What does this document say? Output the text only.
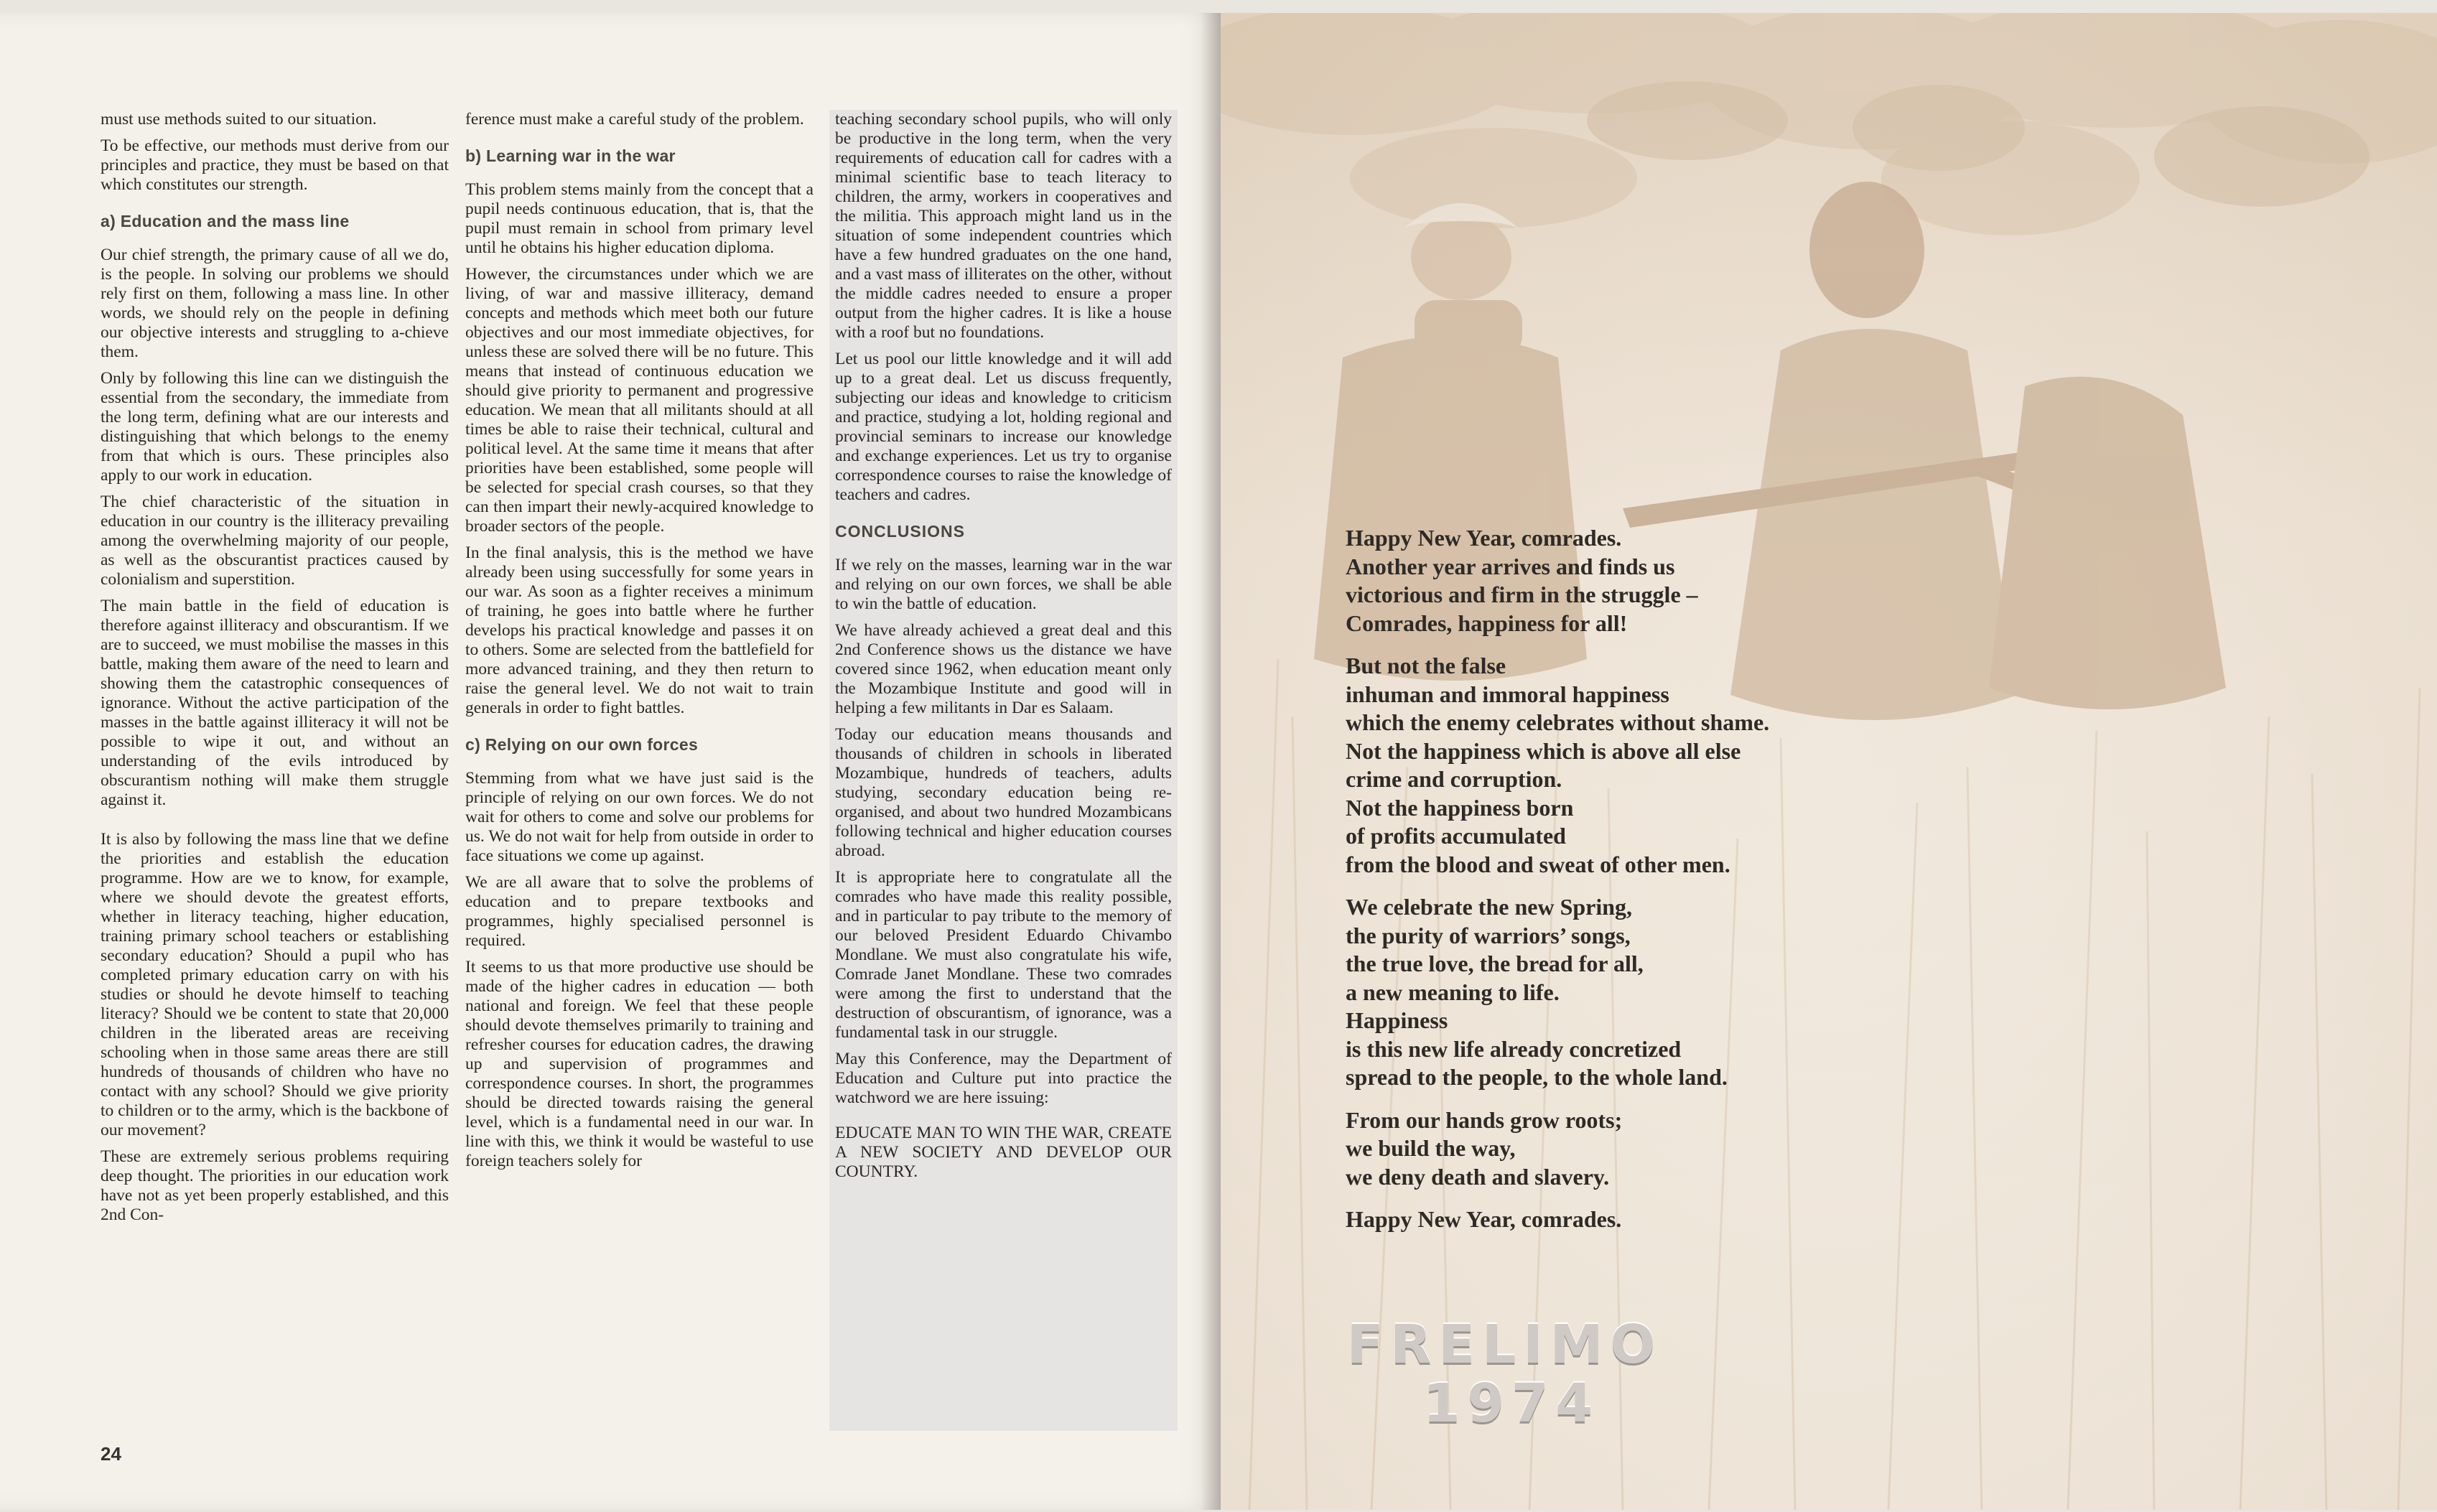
must use methods suited to our situation.

To be effective, our methods must derive from our principles and practice, they must be based on that which constitutes our strength.

a) Education and the mass line

Our chief strength, the primary cause of all we do, is the people. In solving our problems we should rely first on them, following a mass line. In other words, we should rely on the people in defining our objective interests and struggling to a-chieve them.

Only by following this line can we distinguish the essential from the secondary, the immediate from the long term, defining what are our interests and distinguishing that which belongs to the enemy from that which is ours. These principles also apply to our work in education.

The chief characteristic of the situation in education in our country is the illiteracy prevailing among the overwhelming majority of our people, as well as the obscurantist practices caused by colonialism and superstition.

The main battle in the field of education is therefore against illiteracy and obscurantism. If we are to succeed, we must mobilise the masses in this battle, making them aware of the need to learn and showing them the catastrophic consequences of ignorance. Without the active participation of the masses in the battle against illiteracy it will not be possible to wipe it out, and without an understanding of the evils introduced by obscurantism nothing will make them struggle against it.

It is also by following the mass line that we define the priorities and establish the education programme. How are we to know, for example, where we should devote the greatest efforts, whether in literacy teaching, higher education, training primary school teachers or establishing secondary education? Should a pupil who has completed primary education carry on with his studies or should he devote himself to teaching literacy? Should we be content to state that 20,000 children in the liberated areas are receiving schooling when in those same areas there are still hundreds of thousands of children who have no contact with any school? Should we give priority to children or to the army, which is the backbone of our movement?

These are extremely serious problems requiring deep thought. The priorities in our education work have not as yet been properly established, and this 2nd Con-

ference must make a careful study of the problem.

b) Learning war in the war

This problem stems mainly from the concept that a pupil needs continuous education, that is, that the pupil must remain in school from primary level until he obtains his higher education diploma.

However, the circumstances under which we are living, of war and massive illiteracy, demand concepts and methods which meet both our future objectives and our most immediate objectives, for unless these are solved there will be no future. This means that instead of continuous education we should give priority to permanent and progressive education. We mean that all militants should at all times be able to raise their technical, cultural and political level. At the same time it means that after priorities have been established, some people will be selected for special crash courses, so that they can then impart their newly-acquired knowledge to broader sectors of the people.

In the final analysis, this is the method we have already been using successfully for some years in our war. As soon as a fighter receives a minimum of training, he goes into battle where he further develops his practical knowledge and passes it on to others. Some are selected from the battlefield for more advanced training, and they then return to raise the general level. We do not wait to train generals in order to fight battles.

c) Relying on our own forces

Stemming from what we have just said is the principle of relying on our own forces. We do not wait for others to come and solve our problems for us. We do not wait for help from outside in order to face situations we come up against.

We are all aware that to solve the problems of education and to prepare textbooks and programmes, highly specialised personnel is required.

It seems to us that more productive use should be made of the higher cadres in education — both national and foreign. We feel that these people should devote themselves primarily to training and refresher courses for education cadres, the drawing up and supervision of programmes and correspondence courses. In short, the programmes should be directed towards raising the general level, which is a fundamental need in our war. In line with this, we think it would be wasteful to use foreign teachers solely for

teaching secondary school pupils, who will only be productive in the long term, when the very requirements of education call for cadres with a minimal scientific base to teach literacy to children, the army, workers in cooperatives and the militia. This approach might land us in the situation of some independent countries which have a few hundred graduates on the one hand, and a vast mass of illiterates on the other, without the middle cadres needed to ensure a proper output from the higher cadres. It is like a house with a roof but no foundations.

Let us pool our little knowledge and it will add up to a great deal. Let us discuss frequently, subjecting our ideas and knowledge to criticism and practice, studying a lot, holding regional and provincial seminars to increase our knowledge and exchange experiences. Let us try to organise correspondence courses to raise the knowledge of teachers and cadres.

CONCLUSIONS

If we rely on the masses, learning war in the war and relying on our own forces, we shall be able to win the battle of education.

We have already achieved a great deal and this 2nd Conference shows us the distance we have covered since 1962, when education meant only the Mozambique Institute and good will in helping a few militants in Dar es Salaam.

Today our education means thousands and thousands of children in schools in liberated Mozambique, hundreds of teachers, adults studying, secondary education being re-organised, and about two hundred Mozambicans following technical and higher education courses abroad.

It is appropriate here to congratulate all the comrades who have made this reality possible, and in particular to pay tribute to the memory of our beloved President Eduardo Chivambo Mondlane. We must also congratulate his wife, Comrade Janet Mondlane. These two comrades were among the first to understand that the destruction of obscurantism, of ignorance, was a fundamental task in our struggle.

May this Conference, may the Department of Education and Culture put into practice the watchword we are here issuing:

EDUCATE MAN TO WIN THE WAR, CREATE A NEW SOCIETY AND DEVELOP OUR COUNTRY.

24
Happy New Year, comrades.
Another year arrives and finds us
victorious and firm in the struggle –
Comrades, happiness for all!
But not the false
inhuman and immoral happiness
which the enemy celebrates without shame.
Not the happiness which is above all else
crime and corruption.
Not the happiness born
of profits accumulated
from the blood and sweat of other men.
We celebrate the new Spring,
the purity of warriors’ songs,
the true love, the bread for all,
a new meaning to life.
Happiness
is this new life already concretized
spread to the people, to the whole land.
From our hands grow roots;
we build the way,
we deny death and slavery.
Happy New Year, comrades.
FRELIMO
1974
